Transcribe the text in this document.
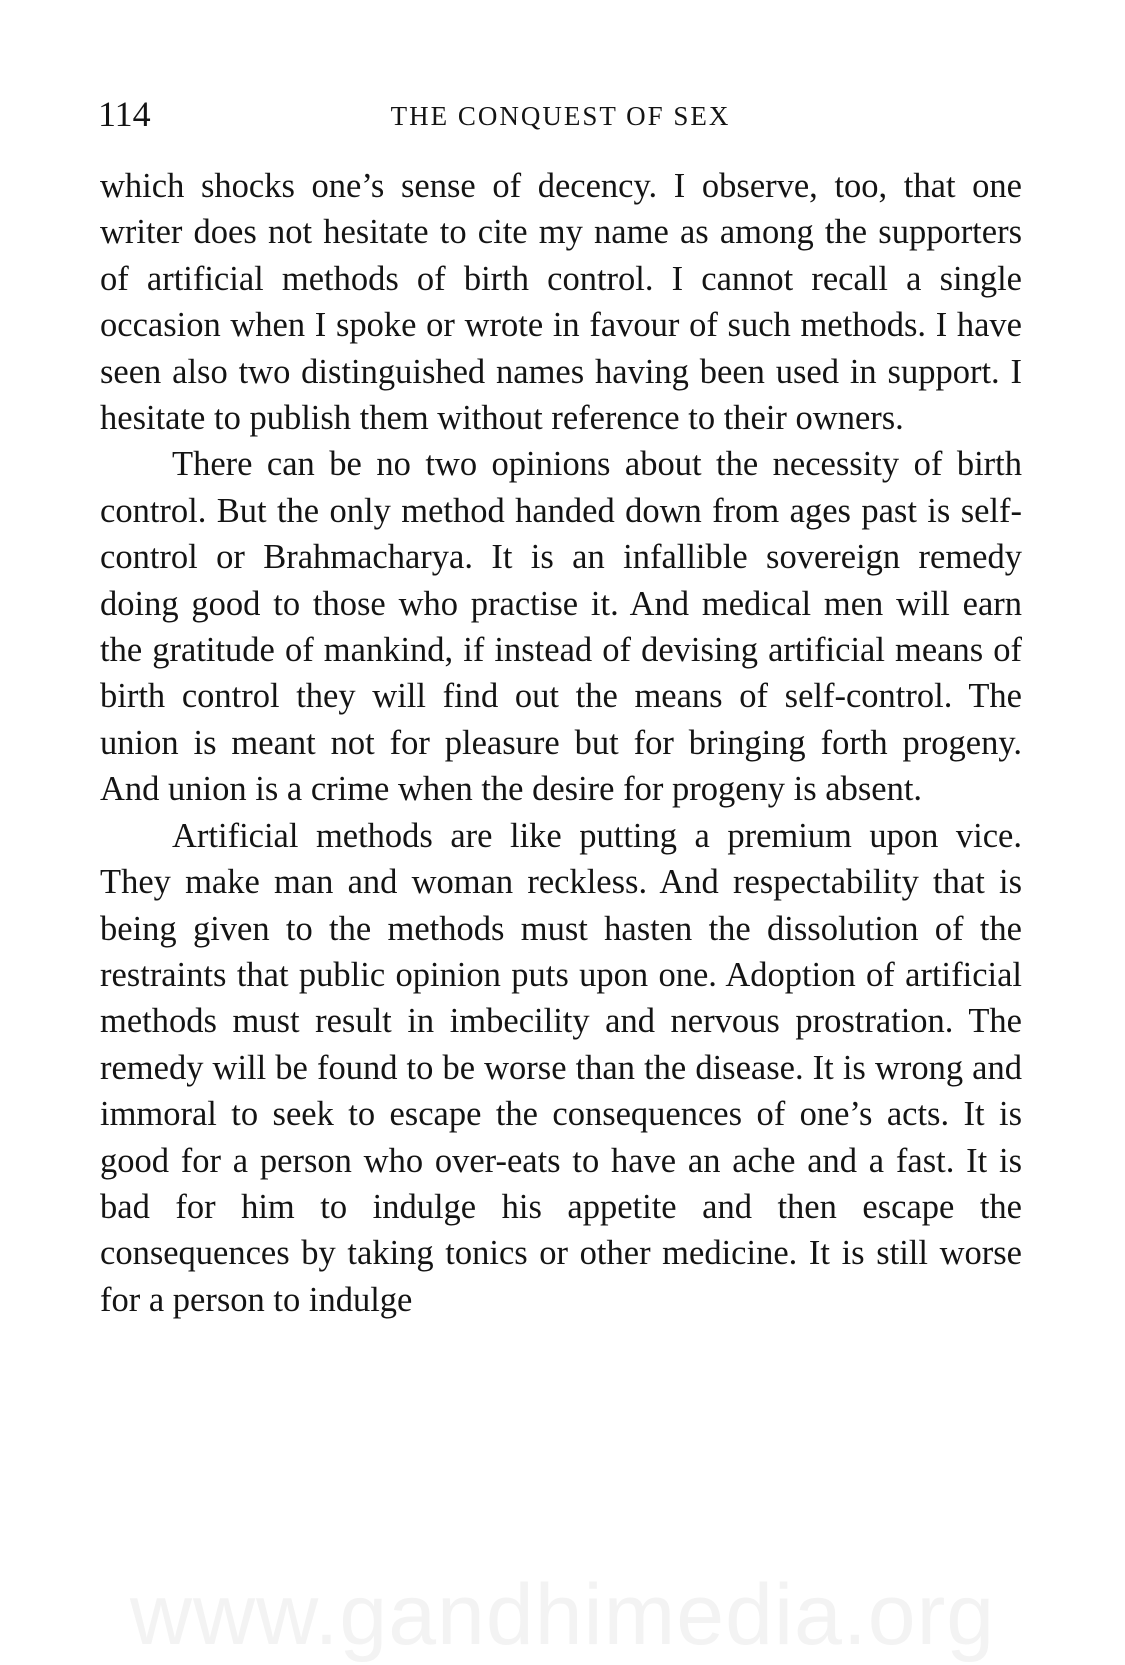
114	THE CONQUEST OF SEX

which shocks one’s sense of decency. I observe, too, that one writer does not hesitate to cite my name as among the supporters of artificial methods of birth control. I cannot recall a single occasion when I spoke or wrote in favour of such methods. I have seen also two distinguished names having been used in support. I hesitate to publish them without reference to their owners.

There can be no two opinions about the necessity of birth control. But the only method handed down from ages past is self-control or Brahmacharya. It is an infallible sovereign remedy doing good to those who practise it. And medical men will earn the gratitude of mankind, if instead of devising artificial means of birth control they will find out the means of self-control. The union is meant not for pleasure but for bringing forth progeny. And union is a crime when the desire for progeny is absent.

Artificial methods are like putting a premium upon vice. They make man and woman reckless. And respectability that is being given to the methods must hasten the dissolution of the restraints that public opinion puts upon one. Adoption of artificial methods must result in imbecility and nervous prostration. The remedy will be found to be worse than the disease. It is wrong and immoral to seek to escape the consequences of one’s acts. It is good for a person who over-eats to have an ache and a fast. It is bad for him to indulge his appetite and then escape the consequences by taking tonics or other medicine. It is still worse for a person to indulge

www.gandhimedia.org
